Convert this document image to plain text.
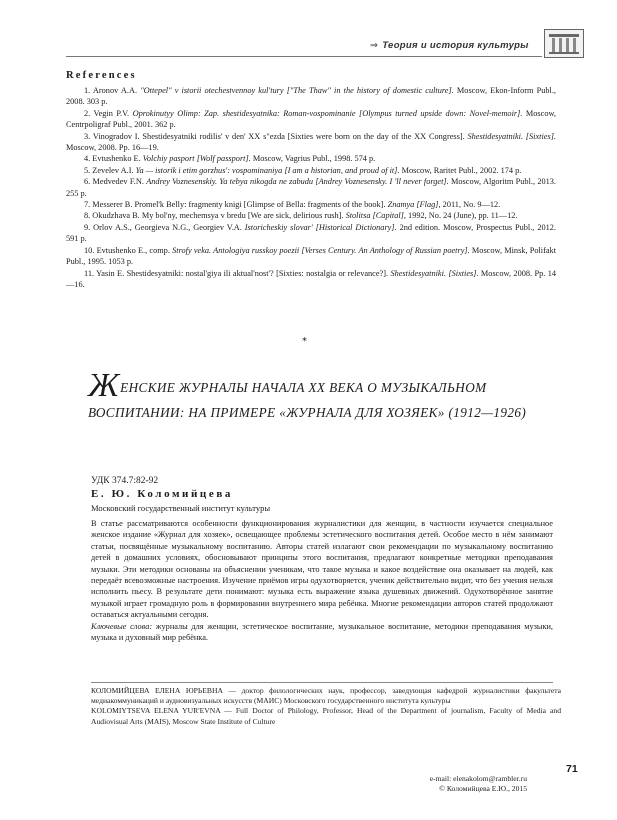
⇒ Теория и история культуры
References

1. Aronov A.A. "Ottepel" v istorii otechestvennoy kul'tury ["The Thaw" in the history of domestic culture]. Moscow, Ekon-Inform Publ., 2008. 303 p.

2. Vegin P.V. Oprokinutyy Olimp: Zap. shestidesyatnika: Roman-vospominanie [Olympus turned upside down: Novel-memoir]. Moscow, Centrpoligraf Publ., 2001. 362 p.

3. Vinogradov I. Shestidesyatniki rodilis' v den' XX s"ezda [Sixties were born on the day of the XX Congress]. Shestidesyatniki. [Sixties]. Moscow, 2008. Pp. 16—19.

4. Evtushenko E. Volchiy pasport [Wolf passport]. Moscow, Vagrius Publ., 1998. 574 p.

5. Zevelev A.I. Ya — istorik i etim gorzhus': vospominaniya [I am a historian, and proud of it]. Moscow, Raritet Publ., 2002. 174 p.

6. Medvedev F.N. Andrey Voznesenskiy. Ya tebya nikogda ne zabudu [Andrey Voznesensky. I 'll never forget]. Moscow, Algoritm Publ., 2013. 255 p.

7. Messerer B. Promel'k Belly: fragmenty knigi [Glimpse of Bella: fragments of the book]. Znamya [Flag], 2011, No. 9—12.

8. Okudzhava B. My bol'ny, mechemsya v bredu [We are sick, delirious rush]. Stolitsa [Capital], 1992, No. 24 (June), pp. 11—12.

9. Orlov A.S., Georgieva N.G., Georgiev V.A. Istoricheskiy slovar' [Historical Dictionary]. 2nd edition. Moscow, Prospectus Publ., 2012. 591 p.

10. Evtushenko E., comp. Strofy veka. Antologiya russkoy poezii [Verses Century. An Anthology of Russian poetry]. Moscow, Minsk, Polifakt Publ., 1995. 1053 p.

11. Yasin E. Shestidesyatniki: nostal'giya ili aktual'nost'? [Sixties: nostalgia or relevance?]. Shestidesyatniki. [Sixties]. Moscow, 2008. Pp. 14—16.

*
ЖЕНСКИЕ ЖУРНАЛЫ НАЧАЛА XX ВЕКА О МУЗЫКАЛЬНОМ
ВОСПИТАНИИ: НА ПРИМЕРЕ «ЖУРНАЛА ДЛЯ ХОЗЯЕК» (1912—1926)
УДК 374.7:82-92
Е. Ю. Коломийцева
Московский государственный институт культуры

В статье рассматриваются особенности функционирования журналистики для женщин, в частности изучается специальное женское издание «Журнал для хозяек», освещающее проблемы эстетического воспитания детей. Особое место в нём занимают статьи, посвящённые музыкальному воспитанию. Авторы статей излагают свои рекомендации по музыкальному воспитанию детей в домашних условиях, обосновывают принципы этого воспитания, предлагают конкретные методики преподавания музыки. Эти методики основаны на объяснении ученикам, что такое музыка и какое воздействие она оказывает на людей, как передаёт всевозможные настроения. Изучение приёмов игры одухотворяется, ученик действительно видит, что без учения нельзя исполнить пьесу. В результате дети понимают: музыка есть выражение языка душевных движений. Одухотворённое занятие музыкой играет громадную роль в формировании внутреннего мира ребёнка. Многие рекомендации авторов статей продолжают оставаться актуальными сегодня.

Ключевые слова: журналы для женщин, эстетическое воспитание, музыкальное воспитание, методики преподавания музыки, музыка и духовный мир ребёнка.

КОЛОМИЙЦЕВА ЕЛЕНА ЮРЬЕВНА — доктор филологических наук, профессор, заведующая кафедрой журналистики факультета медиакоммуникаций и аудиовизуальных искусств (МАИС) Московского государственного института культуры

KOLOMIYTSEVA ELENA YUR'EVNA — Full Doctor of Philology, Professor, Head of the Department of journalism, Faculty of Media and Audiovisual Arts (MAIS), Moscow State Institute of Culture

e-mail: elenakolom@rambler.ru
© Коломийцева Е.Ю., 2015
71
